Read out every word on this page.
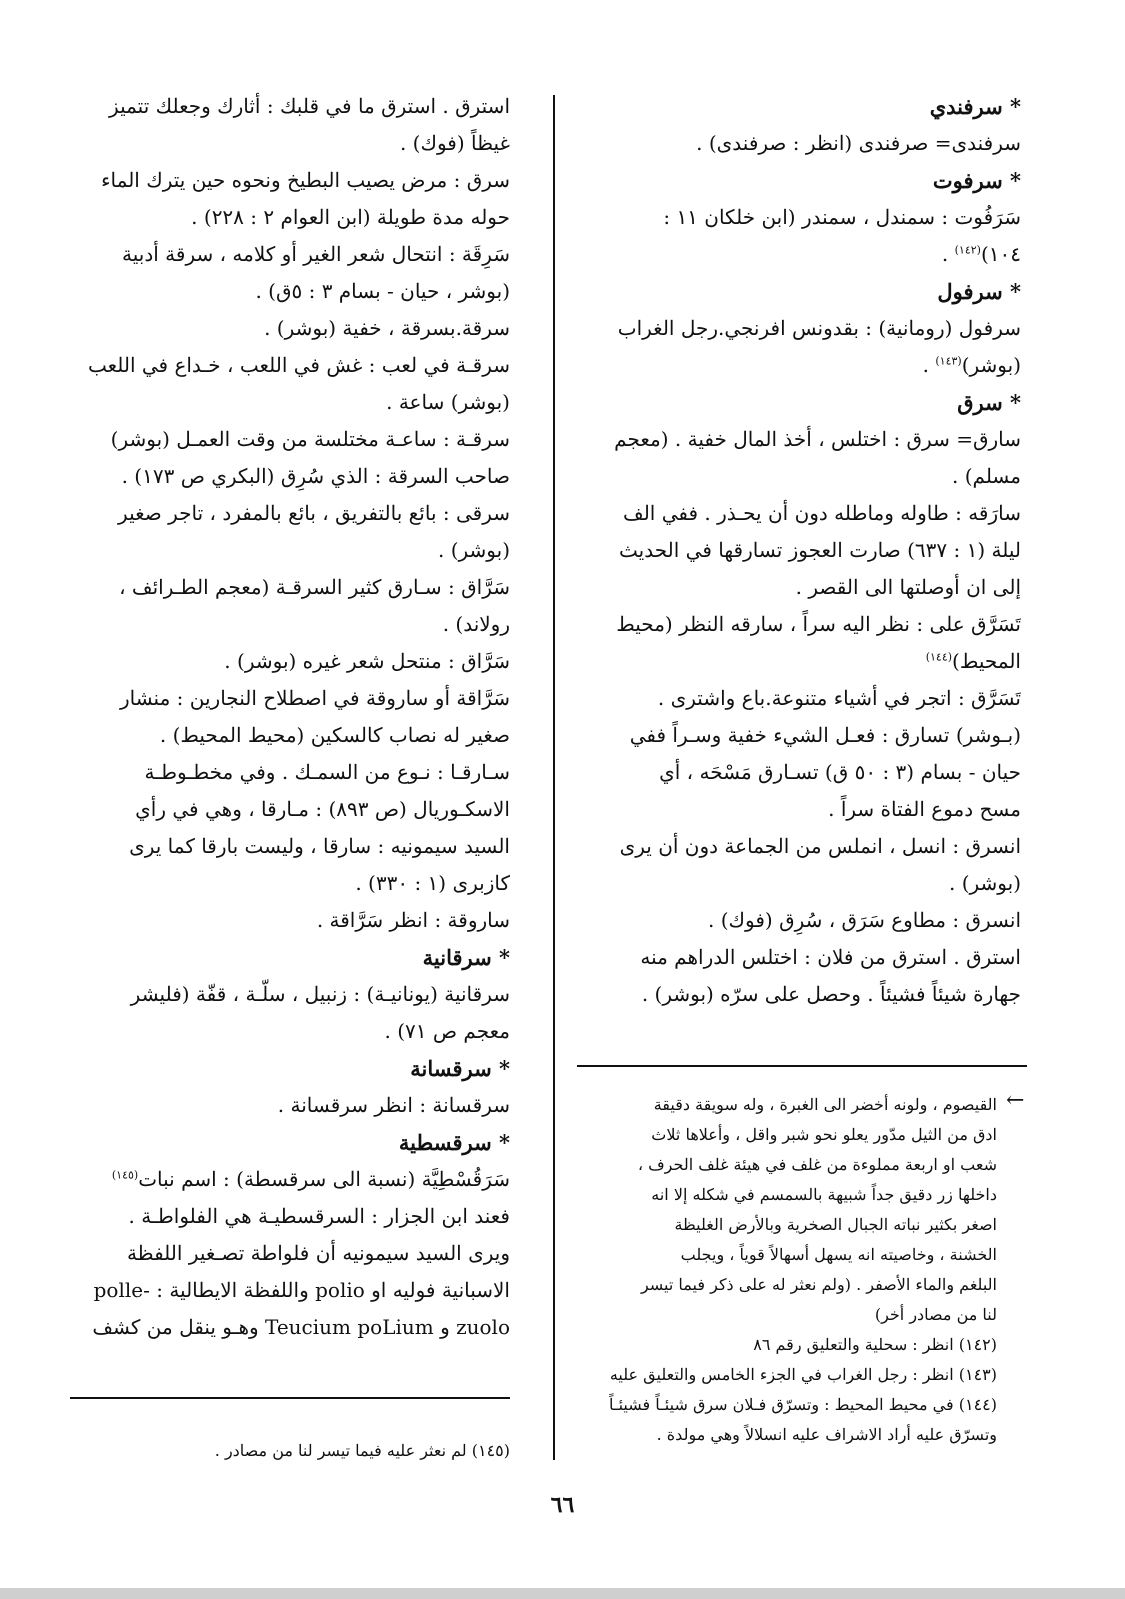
* سرفندي
سرفندی= صرفندی (انظر : صرفندی) .
* سرفوت
سَرَفُوت : سمندل ، سمندر (ابن خلكان ١١ :
١٠٤)$^{(١٤٢)}$ .
* سرفول
سرفول (رومانية) : بقدونس افرنجي.رجل الغراب
(بوشر)$^{(١٤٣)}$ .
* سرق
سارق= سرق : اختلس ، أخذ المال خفية . (معجم
مسلم) .
سارَقه : طاوله وماطله دون أن يحـذر . ففي الف
ليلة (١ : ٦٣٧) صارت العجوز تسارقها في الحديث
إلى ان أوصلتها الى القصر .
تَسَرَّق على : نظر اليه سراً ، سارقه النظر (محيط
المحيط)$^{(١٤٤)}$
تَسَرَّق : اتجر في أشياء متنوعة.باع واشترى .
(بـوشر) تسارق : فعـل الشيء خفية وسـراً ففي
حيان - بسام (٣ : ٥٠ ق) تسـارق مَسْحَه ، أي
مسح دموع الفتاة سراً .
انسرق : انسل ، انملس من الجماعة دون أن يرى
(بوشر) .
انسرق : مطاوع سَرَق ، سُرِق (فوك) .
استرق . استرق من فلان : اختلس الدراهم منه
جهارة شيئاً فشيئاً . وحصل على سرّه (بوشر) .
استرق . استرق ما في قلبك : أثارك وجعلك تتميز
غيظاً (فوك) .
سرق : مرض يصيب البطيخ ونحوه حين يترك الماء
حوله مدة طويلة (ابن العوام ٢ : ٢٢٨) .
سَرِقَة : انتحال شعر الغير أو كلامه ، سرقة أدبية
(بوشر ، حيان - بسام ٣ : ٥ق) .
سرقة.بسرقة ، خفية (بوشر) .
سرقـة في لعب : غش في اللعب ، خـداع في اللعب
(بوشر) ساعة .
سرقـة : ساعـة مختلسة من وقت العمـل (بوشر)
صاحب السرقة : الذي سُرِق (البكري ص ١٧٣) .
سرقى : بائع بالتفريق ، بائع بالمفرد ، تاجر صغير
(بوشر) .
سَرَّاق : سـارق كثير السرقـة (معجم الطـرائف ،
رولاند) .
سَرَّاق : منتحل شعر غيره (بوشر) .
سَرَّاقة أو ساروقة في اصطلاح النجارين : منشار
صغير له نصاب كالسكين (محيط المحيط) .
سـارقـا : نـوع من السمـك . وفي مخطـوطـة
الاسكـوريال (ص ٨٩٣) : مـارقا ، وهي في رأي
السيد سيمونيه : سارقا ، وليست بارقا كما يرى
كازبرى (١ : ٣٣٠) .
ساروقة : انظر سَرَّاقة .
* سرقانية
سرقانية (يونانيـة) : زنبيل ، سلّـة ، قفّة (فليشر
معجم ص ٧١) .
* سرقسانة
سرقسانة : انظر سرقسانة .
* سرقسطية
سَرَقُسْطِيَّة (نسبة الى سرقسطة) : اسم نبات$^{(١٤٥)}$
فعند ابن الجزار : السرقسطيـة هي الفلواطـة .
ويرى السيد سيمونيه أن فلواطة تصـغير اللفظة
الاسبانية فوليه او polio واللفظة الايطالية : -polle
zuolo و Teucium poLium وهـو ينقل من كشف
←
القيصوم ، ولونه أخضر الى الغبرة ، وله سويقة دقيقة
ادق من الثيل مدّور يعلو نحو شبر واقل ، وأعلاها ثلاث
شعب او اربعة مملوءة من غلف في هيئة غلف الحرف ،
داخلها زر دقيق جداً شبيهة بالسمسم في شكله إلا انه
اصغر بكثير نباته الجبال الصخرية وبالأرض الغليظة
الخشنة ، وخاصيته انه يسهل أسهالاً قوياً ، ويجلب
البلغم والماء الأصفر . (ولم نعثر له على ذكر فيما تيسر
لنا من مصادر أخر)
(١٤٢) انظر : سحلية والتعليق رقم ٨٦
(١٤٣) انظر : رجل الغراب في الجزء الخامس والتعليق عليه
(١٤٤) في محيط المحيط : وتسرّق فـلان سرق شيئـاً فشيئـاً
وتسرّق عليه أراد الاشراف عليه انسلالاً وهي مولدة .
(١٤٥) لم نعثر عليه فيما تيسر لنا من مصادر .
٦٦
